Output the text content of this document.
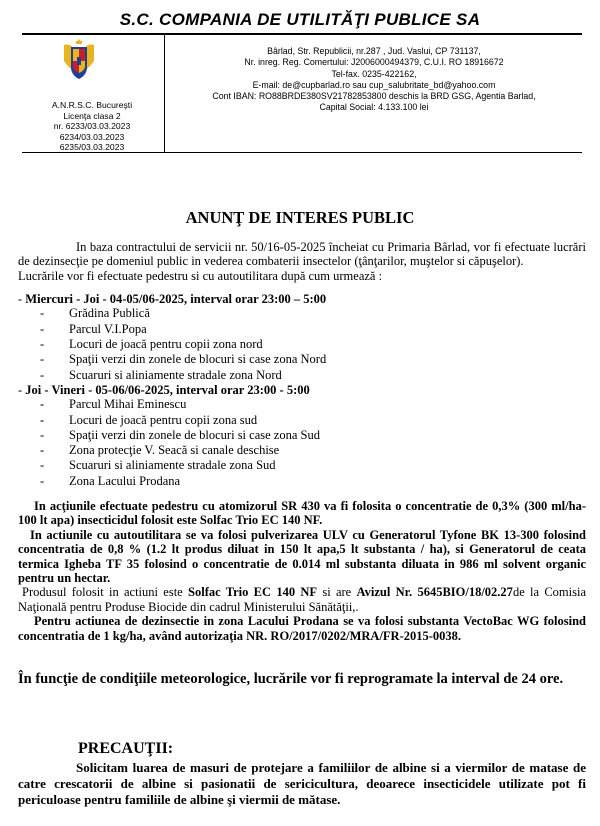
S.C. COMPANIA DE UTILITĂŢI PUBLICE SA
A.N.R.S.C. Bucureşti
Licenţa clasa 2
nr. 6233/03.03.2023
6234/03.03.2023
6235/03.03.2023
Bârlad, Str. Republicii, nr.287 , Jud. Vaslui, CP 731137,
Nr. inreg. Reg. Comertului: J2006000494379, C.U.I. RO 18916672
Tel-fax. 0235-422162,
E-mail: de@cupbarlad.ro sau cup_salubritate_bd@yahoo.com
Cont IBAN: RO88BRDE380SV21782853800 deschis la BRD GSG, Agentia Barlad,
Capital Social: 4.133.100 lei
ANUNŢ DE INTERES PUBLIC

In baza contractului de servicii nr. 50/16-05-2025 încheiat cu Primaria Bârlad, vor fi efectuate lucrări de dezinsecţie pe domeniul public in vederea combaterii insectelor (ţânţarilor, muştelor si căpuşelor).

Lucrările vor fi efectuate pedestru si cu autoutilitara după cum urmează :

- Miercuri - Joi - 04-05/06-2025, interval orar 23:00 – 5:00

- Grădina Publică
- Parcul V.I.Popa
- Locuri de joacă pentru copii zona nord
- Spaţii verzi din zonele de blocuri si case zona Nord
- Scuaruri si aliniamente stradale zona Nord

- Joi - Vineri - 05-06/06-2025, interval orar 23:00 - 5:00

- Parcul Mihai Eminescu
- Locuri de joacă pentru copii zona sud
- Spaţii verzi din zonele de blocuri si case zona Sud
- Zona protecţie V. Seacă si canale deschise
- Scuaruri si aliniamente stradale zona Sud
- Zona Lacului Prodana

In acţiunile efectuate pedestru cu atomizorul SR 430 va fi folosita o concentratie de 0,3% (300 ml/ha-100 lt apa) insecticidul folosit este Solfac Trio EC 140 NF.

In actiunile cu autoutilitara se va folosi pulverizarea ULV cu Generatorul Tyfone BK 13-300 folosind concentratia de 0,8 % (1.2 lt produs diluat in 150 lt apa,5 lt substanta / ha), si Generatorul de ceata termica Igheba TF 35 folosind o concentratie de 0.014 ml substanta diluata in 986 ml solvent organic pentru un hectar.

Produsul folosit in actiuni este Solfac Trio EC 140 NF si are Avizul Nr. 5645BIO/18/02.27de la Comisia Naţională pentru Produse Biocide din cadrul Ministerului Sănătăţii,.

Pentru actiunea de dezinsectie in zona Lacului Prodana se va folosi substanta VectoBac WG folosind concentratia de 1 kg/ha, având autorizaţia NR. RO/2017/0202/MRA/FR-2015-0038.

În funcţie de condiţiile meteorologice, lucrările vor fi reprogramate la interval de 24 ore.
PRECAUŢII:
Solicitam luarea de masuri de protejare a familiilor de albine si a viermilor de matase de catre crescatorii de albine si pasionatii de sericicultura, deoarece insecticidele utilizate pot fi periculoase pentru familiile de albine şi viermii de mătase.
